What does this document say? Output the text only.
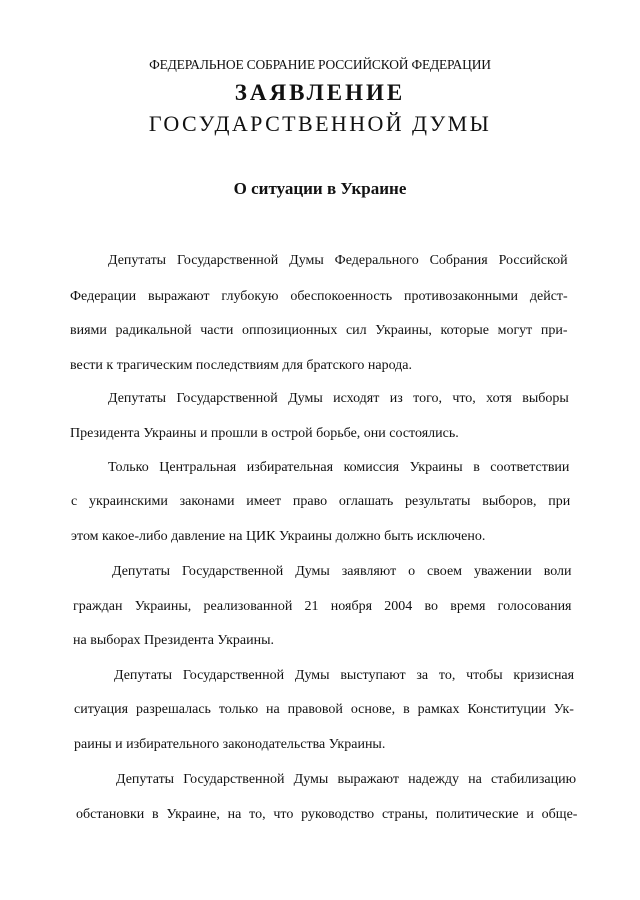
ФЕДЕРАЛЬНОЕ СОБРАНИЕ РОССИЙСКОЙ ФЕДЕРАЦИИ
ЗАЯВЛЕНИЕ
ГОСУДАРСТВЕННОЙ ДУМЫ
О ситуации в Украине
Депутаты Государственной Думы Федерального Собрания Российской
Федерации выражают глубокую обеспокоенность противозаконными дейст-
виями радикальной части оппозиционных сил Украины, которые могут при-
вести к трагическим последствиям для братского народа.
Депутаты Государственной Думы исходят из того, что, хотя выборы
Президента Украины и прошли в острой борьбе, они состоялись.
Только Центральная избирательная комиссия Украины в соответствии
с украинскими законами имеет право оглашать результаты выборов, при
этом какое-либо давление на ЦИК Украины должно быть исключено.
Депутаты Государственной Думы заявляют о своем уважении воли
граждан Украины, реализованной 21 ноября 2004 во время голосования
на выборах Президента Украины.
Депутаты Государственной Думы выступают за то, чтобы кризисная
ситуация разрешалась только на правовой основе, в рамках Конституции Ук-
раины и избирательного законодательства Украины.
Депутаты Государственной Думы выражают надежду на стабилизацию
обстановки в Украине, на то, что руководство страны, политические и обще-
